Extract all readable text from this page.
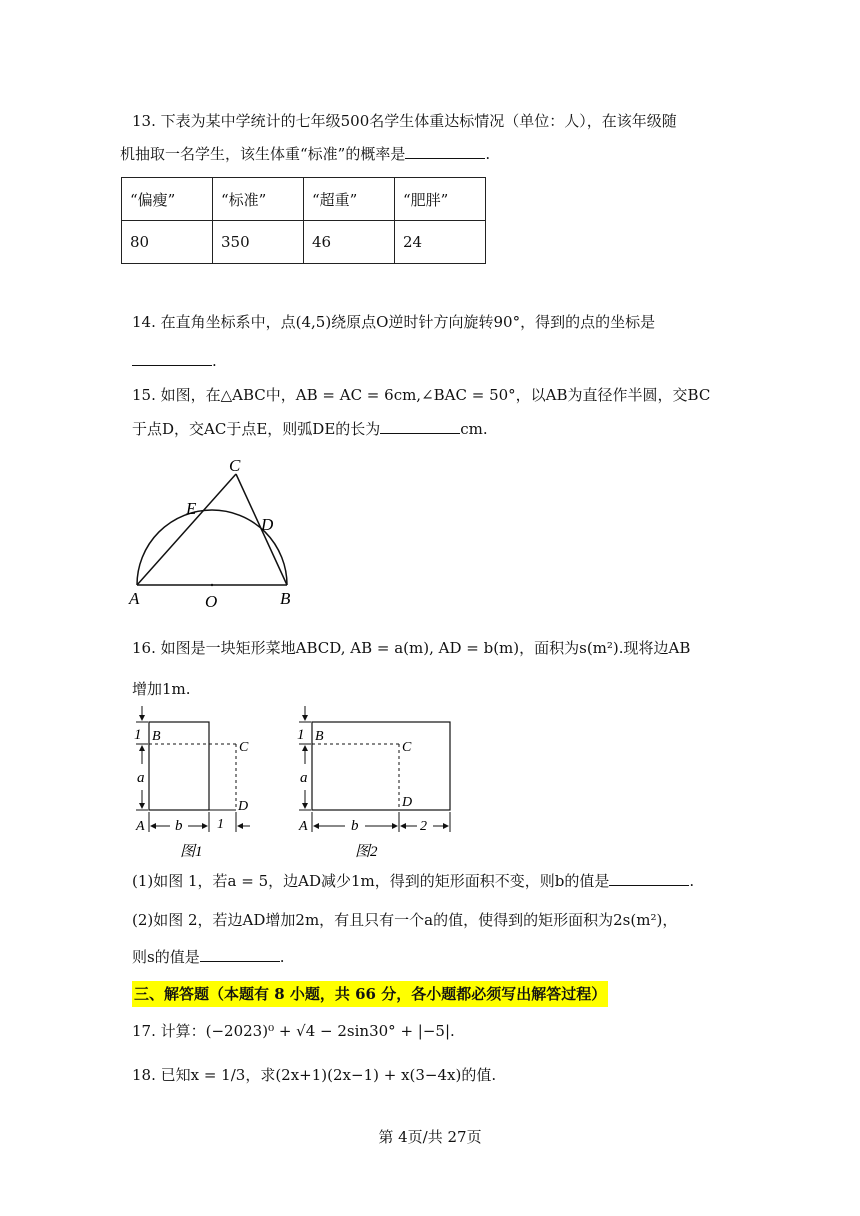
13. 下表为某中学统计的七年级500名学生体重达标情况（单位：人），在该年级随
机抽取一名学生，该生体重“标准”的概率是	.
“偏瘦”	“标准”	“超重”	“肥胖”
80	350	46	24
14. 在直角坐标系中，点(4,5)绕原点O逆时针方向旋转90°，得到的点的坐标是
.
15. 如图，在△ABC中，AB = AC = 6cm,∠BAC = 50°，以AB为直径作半圆，交BC
于点D，交AC于点E，则弧DE的长为	cm.
C
E
D
A	O	B
16. 如图是一块矩形菜地ABCD, AB = a(m), AD = b(m)，面积为s(m²).现将边AB
增加1m.
1
a
B
C
A
D
b 1
图1
1
a
B
C
A
D
b	2
图2
(1)如图 1，若a = 5，边AD减少1m，得到的矩形面积不变，则b的值是	.
(2)如图 2，若边AD增加2m，有且只有一个a的值，使得到的矩形面积为2s(m²)，
则s的值是	.
三、解答题（本题有 8 小题，共 66 分，各小题都必须写出解答过程）
17. 计算：(−2023)⁰ + √4 − 2sin30° + |−5|.
18. 已知x = 1/3，求(2x+1)(2x−1) + x(3−4x)的值.
第 4页/共 27页
